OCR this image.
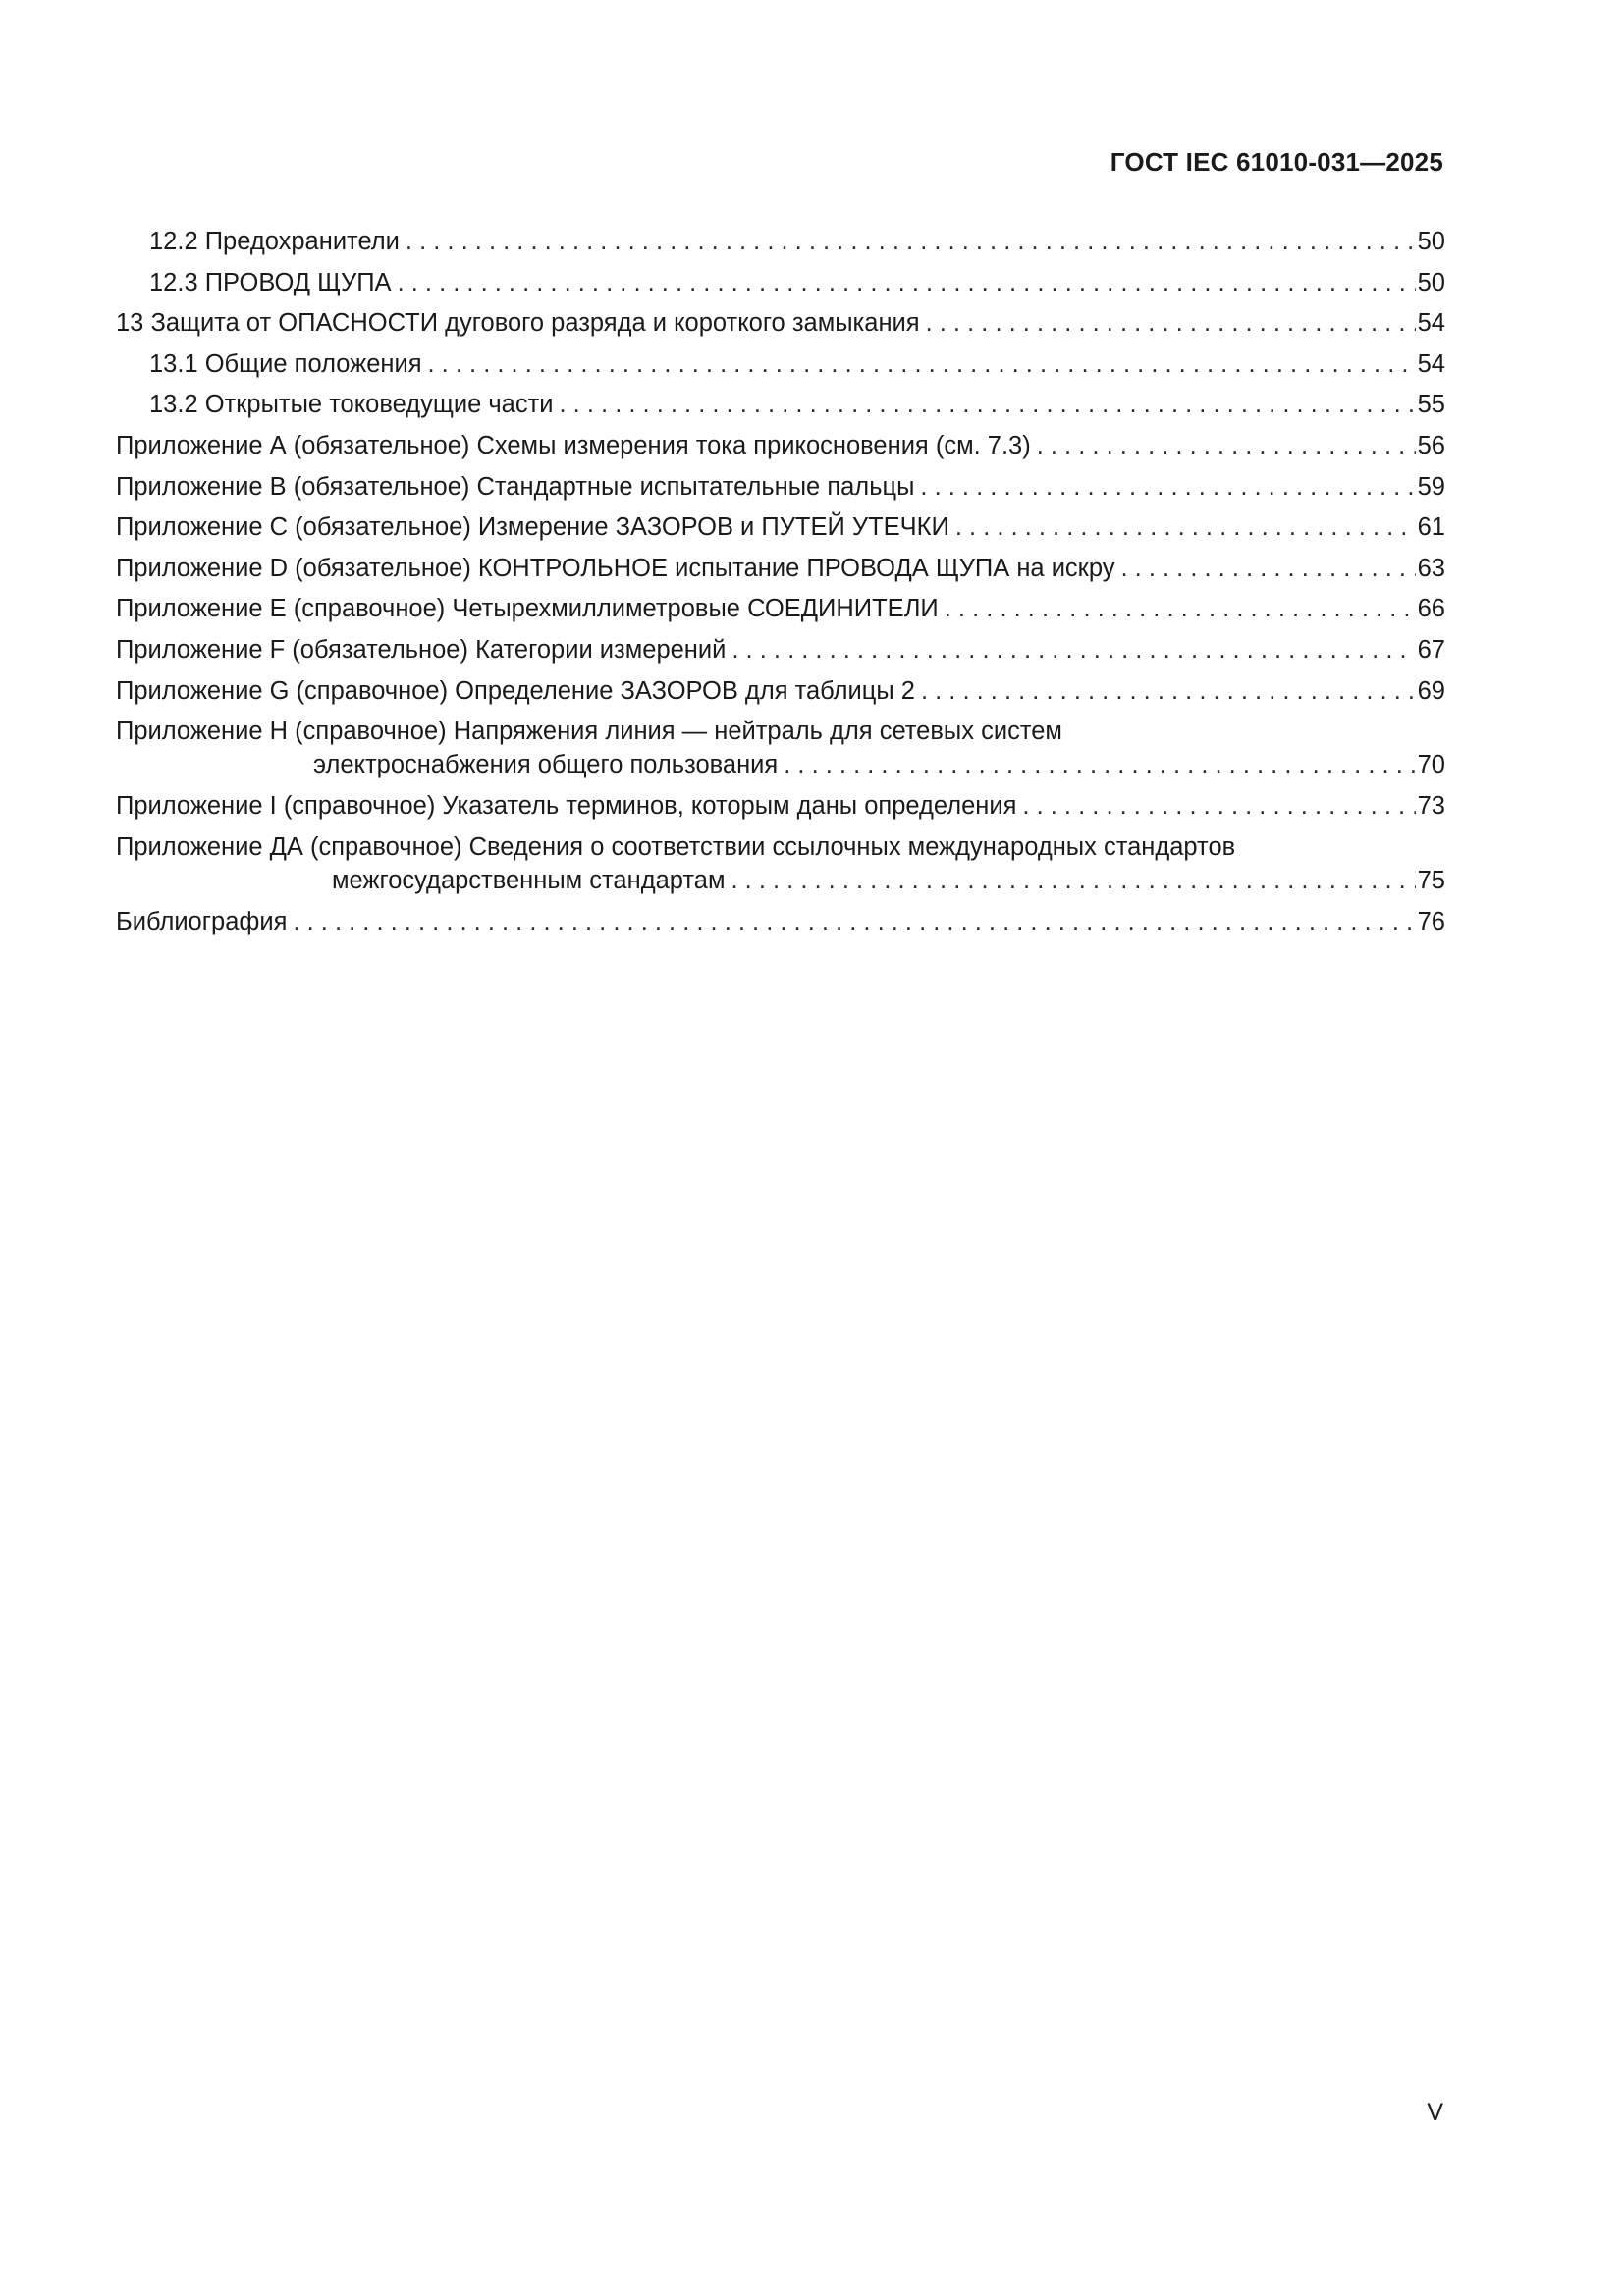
ГОСТ IEC 61010-031—2025
12.2 Предохранители . . .	50
12.3 ПРОВОД ЩУПА . . .	50
13 Защита от ОПАСНОСТИ дугового разряда и короткого замыкания . . .	54
13.1 Общие положения . . .	54
13.2 Открытые токоведущие части . . .	55
Приложение А (обязательное) Схемы измерения тока прикосновения (см. 7.3) . . .	56
Приложение В (обязательное) Стандартные испытательные пальцы . . .	59
Приложение С (обязательное) Измерение ЗАЗОРОВ и ПУТЕЙ УТЕЧКИ . . .	61
Приложение D (обязательное) КОНТРОЛЬНОЕ испытание ПРОВОДА ЩУПА на искру . . .	63
Приложение Е (справочное) Четырехмиллиметровые СОЕДИНИТЕЛИ . . .	66
Приложение F (обязательное) Категории измерений . . .	67
Приложение G (справочное) Определение ЗАЗОРОВ для таблицы 2 . . .	69
Приложение Н (справочное) Напряжения линия — нейтраль для сетевых систем
электроснабжения общего пользования . . .	70
Приложение I (справочное) Указатель терминов, которым даны определения . . .	73
Приложение ДА (справочное) Сведения о соответствии ссылочных международных стандартов
межгосударственным стандартам . . .	75
Библиография . . .	76
V
